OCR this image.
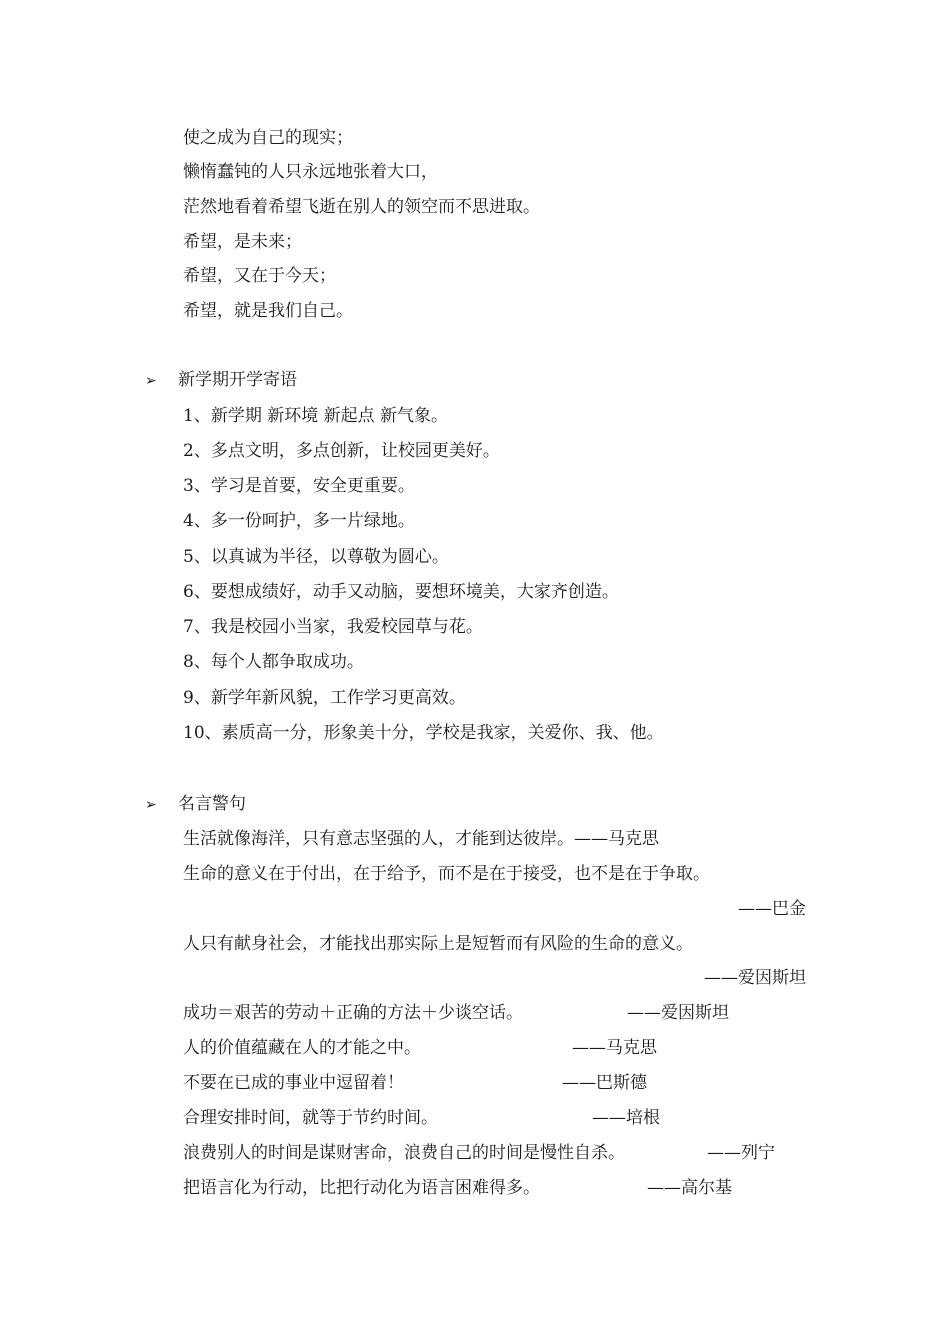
使之成为自己的现实；
懒惰蠢钝的人只永远地张着大口，
茫然地看着希望飞逝在别人的领空而不思进取。
希望，是未来；
希望，又在于今天；
希望，就是我们自己。
➢ 新学期开学寄语
1、新学期 新环境 新起点 新气象。
2、多点文明，多点创新，让校园更美好。
3、学习是首要，安全更重要。
4、多一份呵护，多一片绿地。
5、以真诚为半径，以尊敬为圆心。
6、要想成绩好，动手又动脑，要想环境美，大家齐创造。
7、我是校园小当家，我爱校园草与花。
8、每个人都争取成功。
9、新学年新风貌，工作学习更高效。
10、素质高一分，形象美十分，学校是我家，关爱你、我、他。
➢ 名言警句
生活就像海洋，只有意志坚强的人，才能到达彼岸。——马克思
生命的意义在于付出，在于给予，而不是在于接受，也不是在于争取。
——巴金
人只有献身社会，才能找出那实际上是短暂而有风险的生命的意义。
——爱因斯坦
成功＝艰苦的劳动＋正确的方法＋少谈空话。	——爱因斯坦
人的价值蕴藏在人的才能之中。	——马克思
不要在已成的事业中逗留着！	——巴斯德
合理安排时间，就等于节约时间。	——培根
浪费别人的时间是谋财害命，浪费自己的时间是慢性自杀。	——列宁
把语言化为行动，比把行动化为语言困难得多。	——高尔基
